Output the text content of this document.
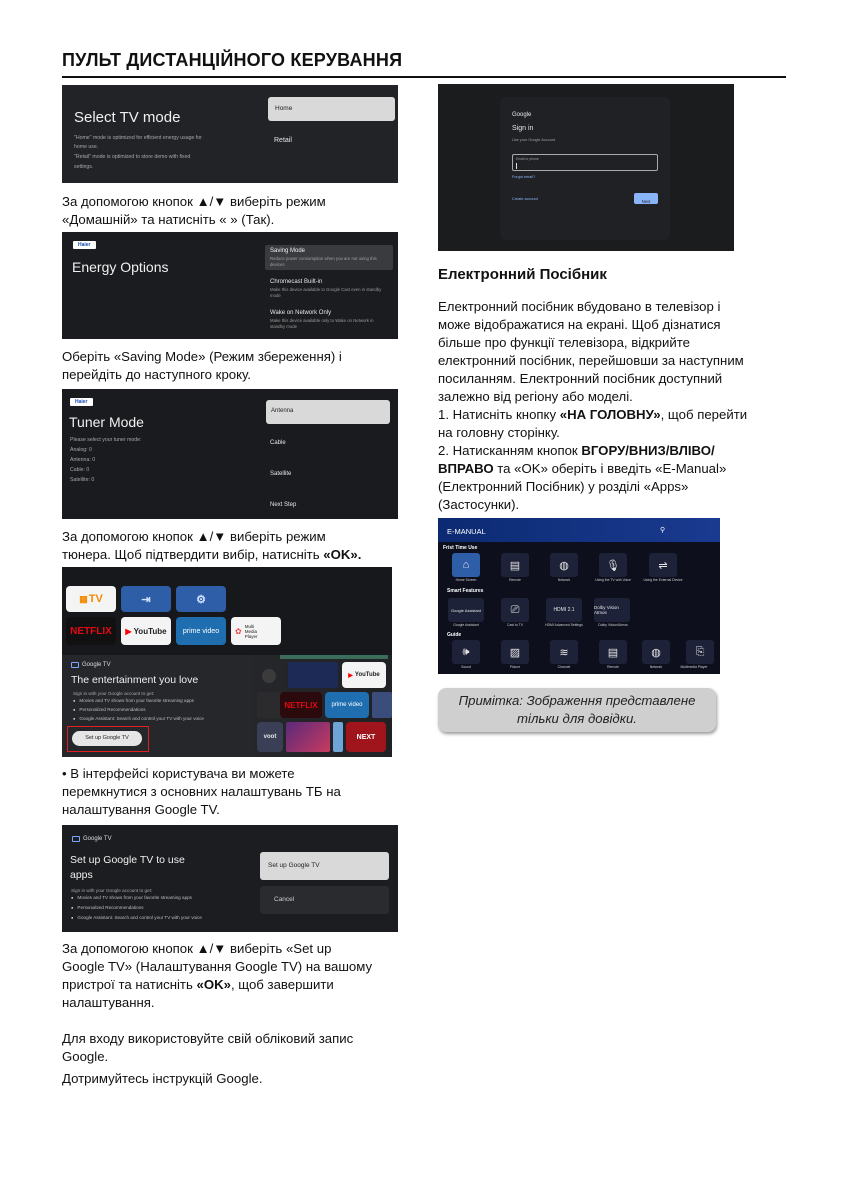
ПУЛЬТ ДИСТАНЦІЙНОГО КЕРУВАННЯ
Select TV mode
"Home" mode is optimized for efficient energy usage for
home use.
"Retail" mode is optimized to store demo with fixed
settings.
Home
Retail
За допомогою кнопок ▲/▼ виберіть режим
«Домашній» та натисніть « » (Так).
Haier
Energy Options
Saving Mode
Reduce power consumption when you are not using this devices
Chromecast Built-in
Make this device available to Google Cast even in standby mode
Wake on Network Only
Make this device available only to Wake on Network in standby mode
Оберіть «Saving Mode» (Режим збереження) і
перейдіть до наступного кроку.
Haier
Tuner Mode
Please select your tuner mode:
Analog: 0
Antenna: 0
Cable: 0
Satellite: 0
Antenna
Cable
Satellite
Next Step
За допомогою кнопок ▲/▼ виберіть режим
тюнера. Щоб підтвердити вибір, натисніть «OK».
▦ TV	⇥	⚙
NETFLIX ▶ YouTube prime video ✿
Multi Media Player
Google TV
The entertainment you love
Sign in with your Google account to get:
● Movies and TV shows from your favorite streaming apps
● Personalized Recommendations
● Google Assistant: Search and control your TV with your voice
Set up Google TV
▶ YouTube
NETFLIX prime video
voot	NEXT
• В інтерфейсі користувача ви можете
перемкнутися з основних налаштувань ТБ на
налаштування Google TV.
Google TV
Set up Google TV to use
apps
Sign in with your Google account to get:
● Movies and TV shows from your favorite streaming apps
● Personalized Recommendations
● Google Assistant: Search and control your TV with your voice
Set up Google TV
Cancel
За допомогою кнопок ▲/▼ виберіть «Set up
Google TV» (Налаштування Google TV) на вашому
пристрої та натисніть «OK», щоб завершити
налаштування.
Для входу використовуйте свій обліковий запис
Google.
Дотримуйтесь інструкцій Google.
Google
Sign in
Use your Google Account
Email or phone
Forgot email?
Create account	Next
Електронний Посібник
Електронний посібник вбудовано в телевізор і
може відображатися на екрані. Щоб дізнатися
більше про функції телевізора, відкрийте
електронний посібник, перейшовши за наступним
посиланням. Електронний посібник доступний
залежно від регіону або моделі.
1. Натисніть кнопку «НА ГОЛОВНУ», щоб перейти
на головну сторінку.
2. Натисканням кнопок ВГОРУ/ВНИЗ/ВЛІВО/
ВПРАВО та «OK» оберіть і введіть «E-Manual»
(Електронний Посібник) у розділі «Apps»
(Застосунки).
E-MANUAL	⚲
Frist Time Use
Smart Features
Guide
⌂	▤	◍	🎙	⇌
Home Screen	Remote	Network	Using the TV with Voice	Using the External Device
Google Assistant	⎚	HDMI 2.1	Dolby Vision Atmos
Google Assistant	Cast to TV	HDMI Advanced Settings	Dolby Vision/Atmos
🕪	▨	≋	▤	◍	⎘
Sound	Picture	Channel	Remote	Network	Multimedia Player
Примітка: Зображення представлене
тільки для довідки.
